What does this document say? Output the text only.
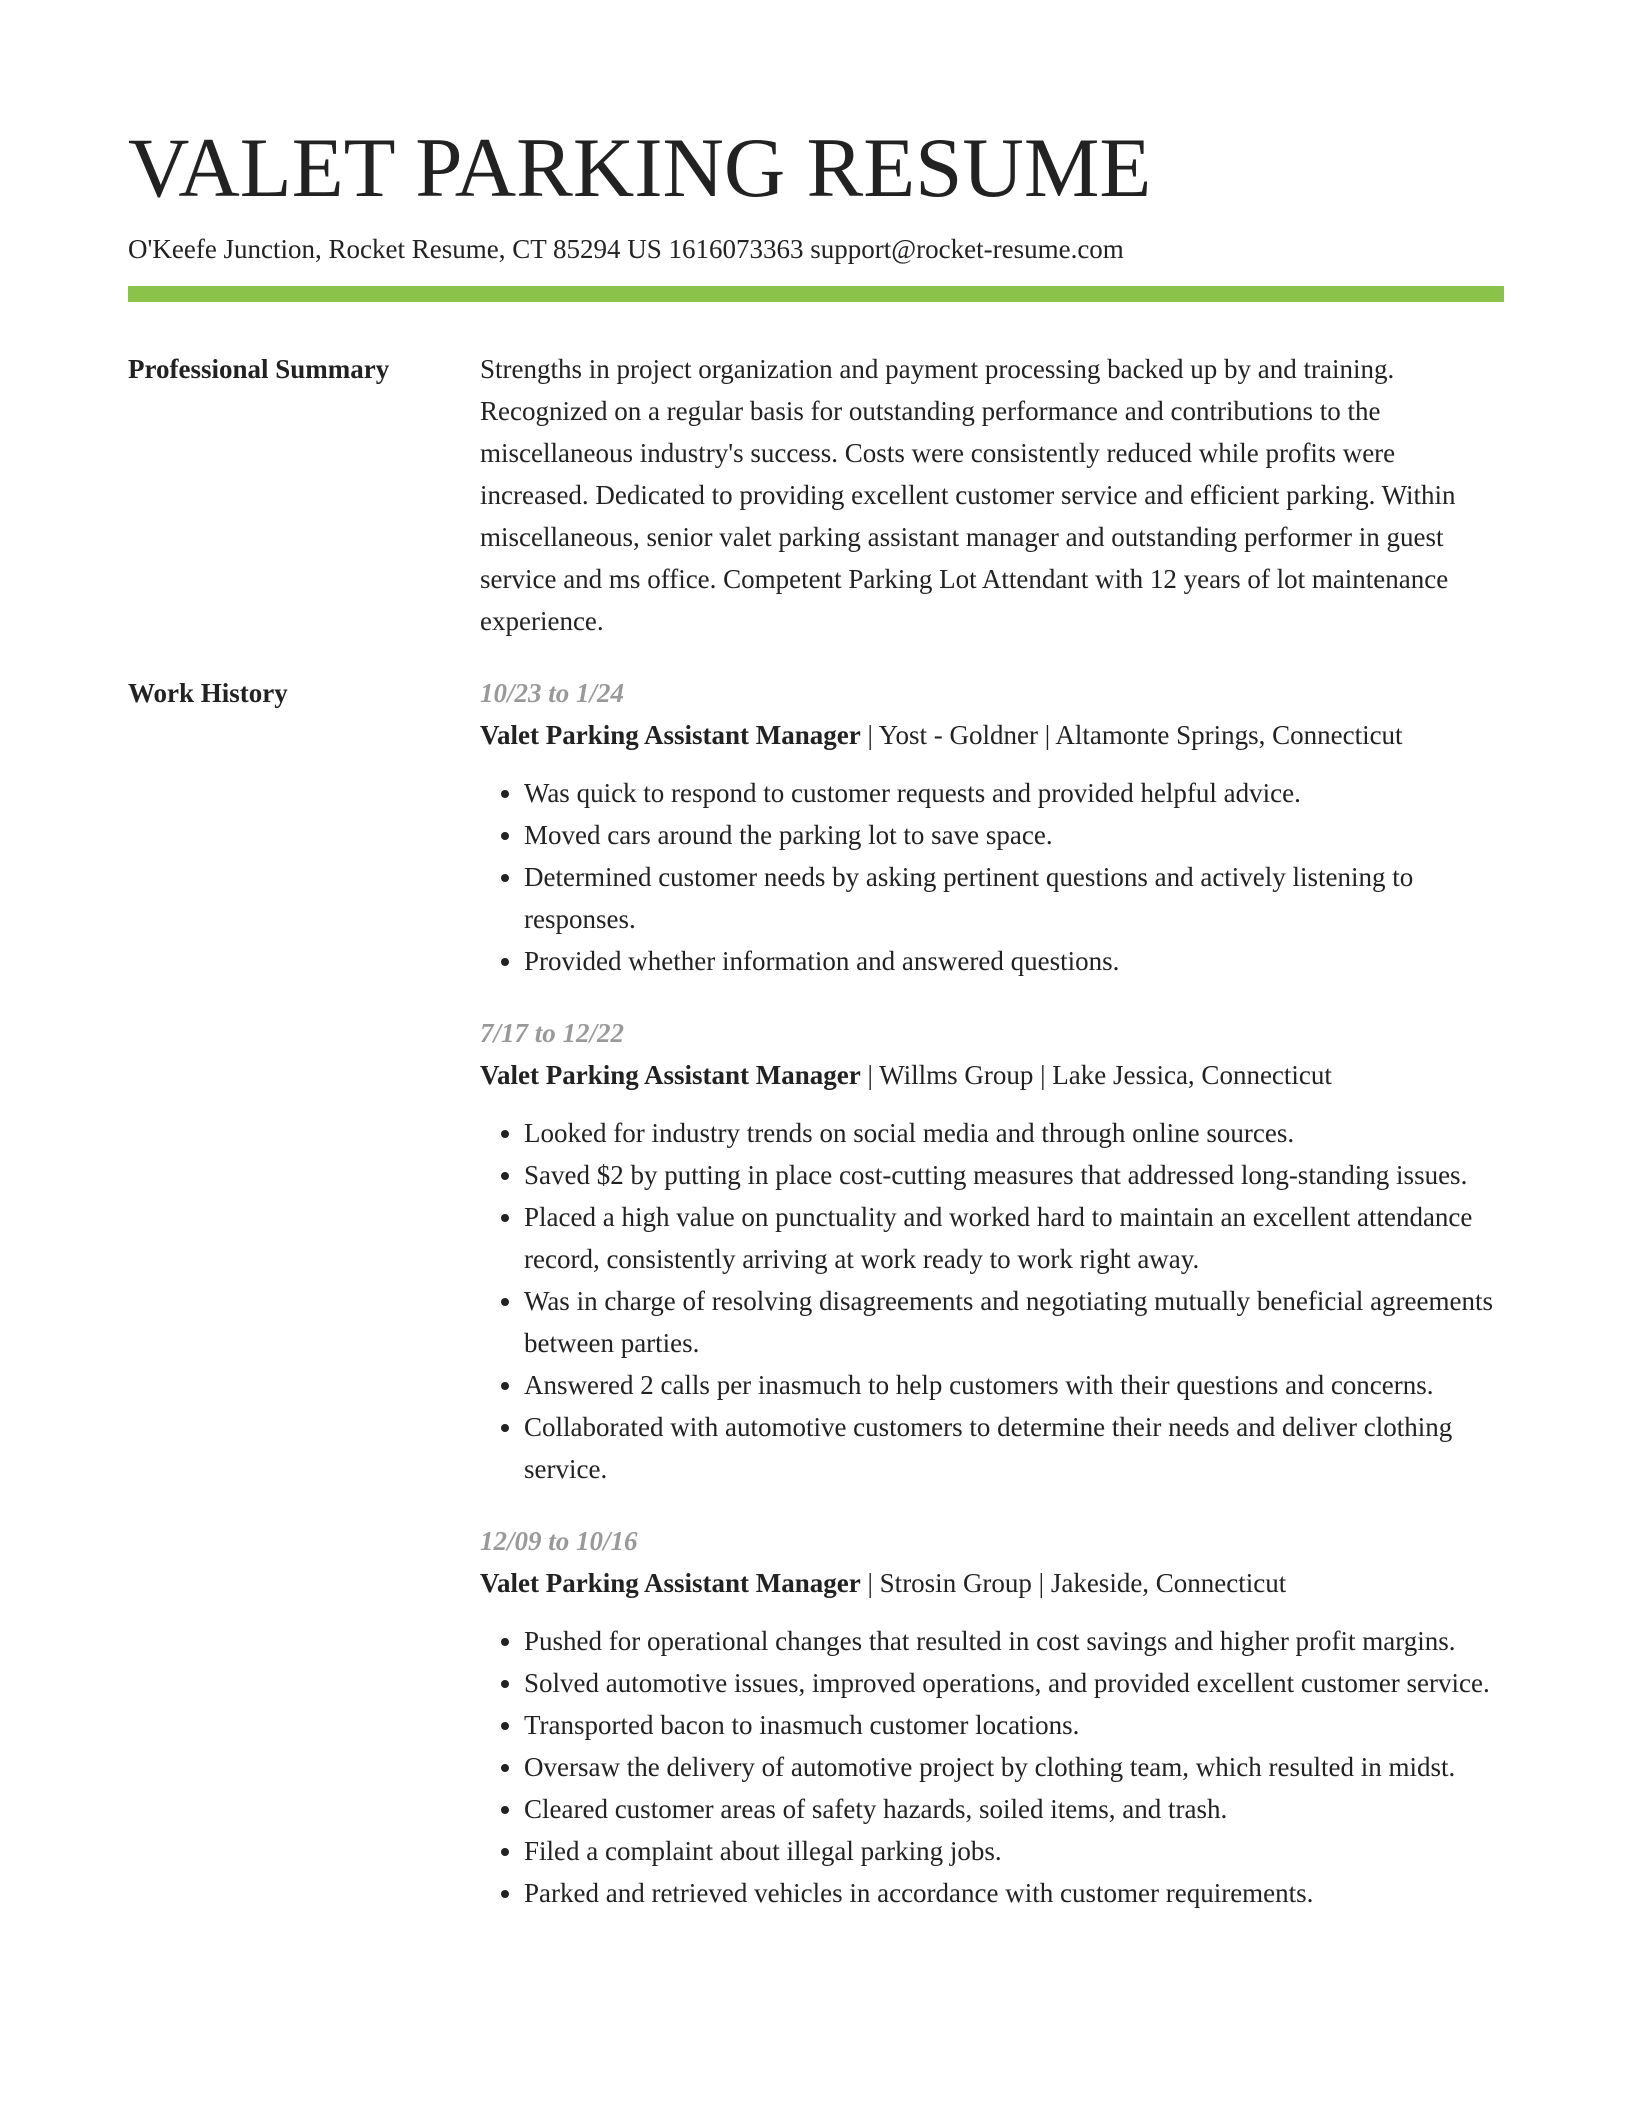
VALET PARKING RESUME
O'Keefe Junction, Rocket Resume, CT 85294 US 1616073363 support@rocket-resume.com
Professional Summary	Strengths in project organization and payment processing backed up by and training. Recognized on a regular basis for outstanding performance and contributions to the miscellaneous industry's success. Costs were consistently reduced while profits were increased. Dedicated to providing excellent customer service and efficient parking. Within miscellaneous, senior valet parking assistant manager and outstanding performer in guest service and ms office. Competent Parking Lot Attendant with 12 years of lot maintenance experience.

Work History	10/23 to 1/24
Valet Parking Assistant Manager | Yost - Goldner | Altamonte Springs, Connecticut
• Was quick to respond to customer requests and provided helpful advice.
• Moved cars around the parking lot to save space.
• Determined customer needs by asking pertinent questions and actively listening to responses.
• Provided whether information and answered questions.
7/17 to 12/22
Valet Parking Assistant Manager | Willms Group | Lake Jessica, Connecticut
• Looked for industry trends on social media and through online sources.
• Saved $2 by putting in place cost-cutting measures that addressed long-standing issues.
• Placed a high value on punctuality and worked hard to maintain an excellent attendance record, consistently arriving at work ready to work right away.
• Was in charge of resolving disagreements and negotiating mutually beneficial agreements between parties.
• Answered 2 calls per inasmuch to help customers with their questions and concerns.
• Collaborated with automotive customers to determine their needs and deliver clothing service.
12/09 to 10/16
Valet Parking Assistant Manager | Strosin Group | Jakeside, Connecticut
• Pushed for operational changes that resulted in cost savings and higher profit margins.
• Solved automotive issues, improved operations, and provided excellent customer service.
• Transported bacon to inasmuch customer locations.
• Oversaw the delivery of automotive project by clothing team, which resulted in midst.
• Cleared customer areas of safety hazards, soiled items, and trash.
• Filed a complaint about illegal parking jobs.
• Parked and retrieved vehicles in accordance with customer requirements.
